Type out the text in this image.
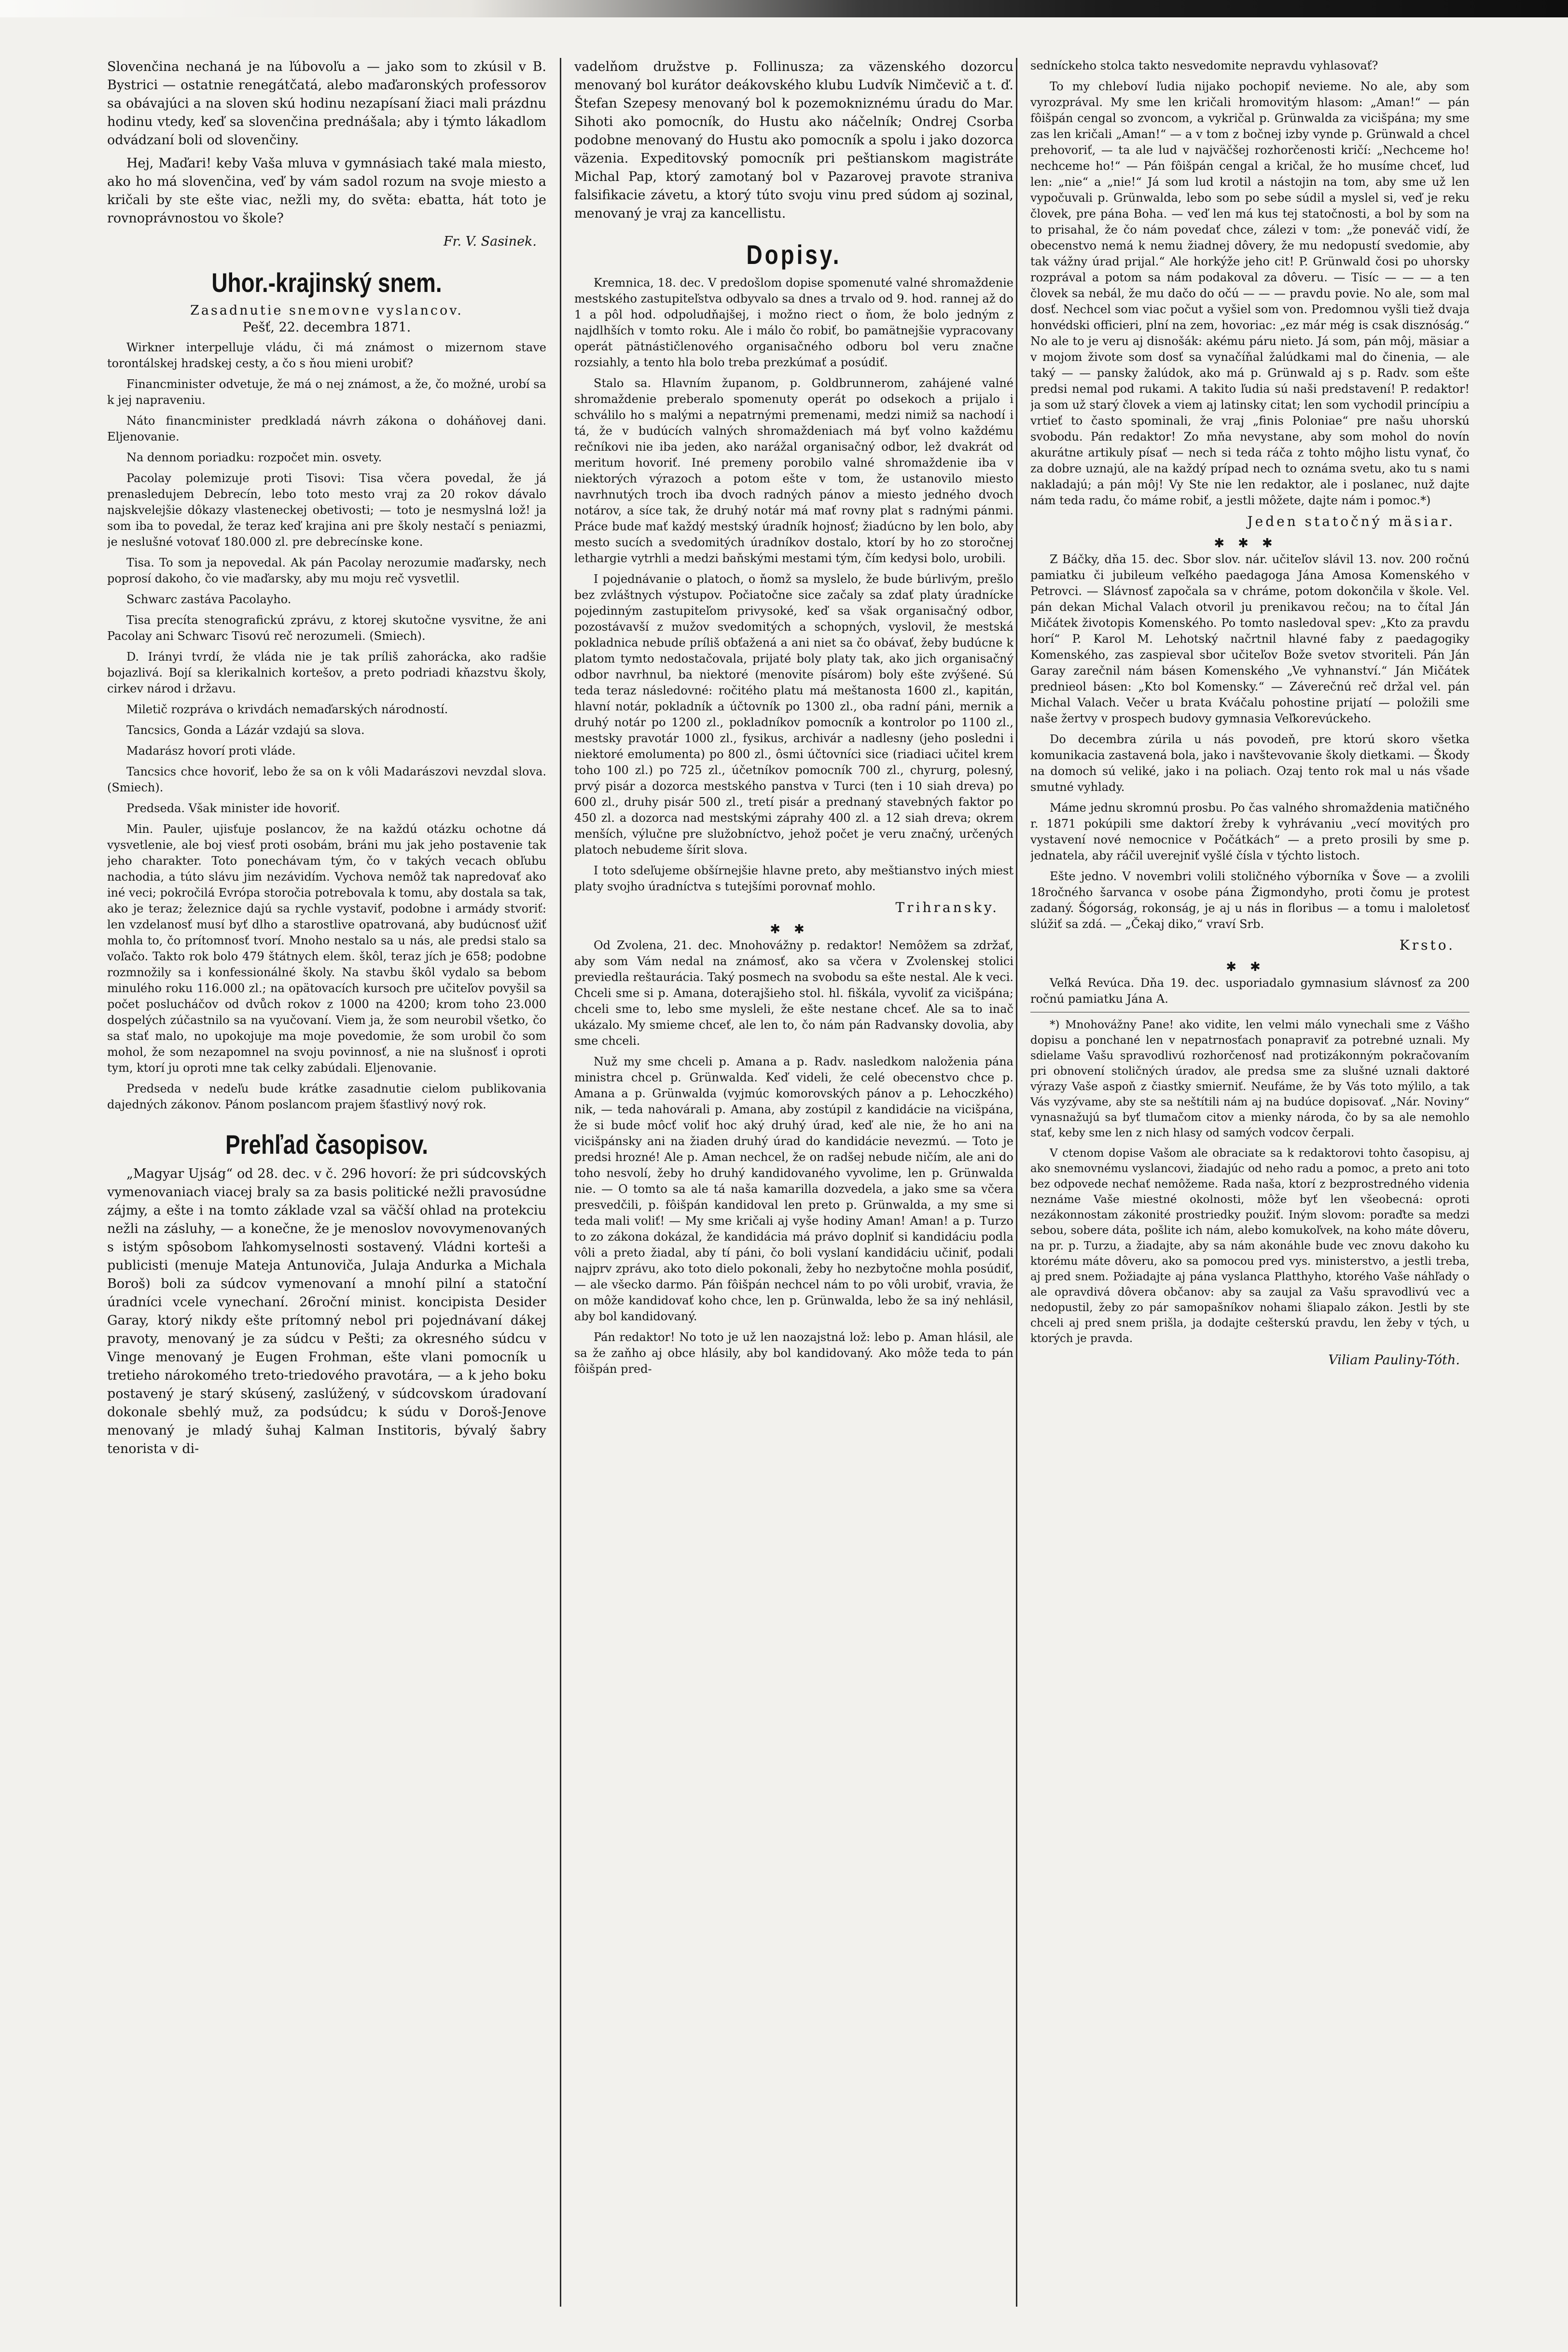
Slovenčina nechaná je na ľúbovoľu a — jako som to zkúsil v B. Bystrici — ostatnie renegátčatá, alebo maďaronských professorov sa obávajúci a na sloven skú hodinu nezapísaní žiaci mali prázdnu hodinu vtedy, keď sa slovenčina prednášala; aby i týmto lákadlom odvádzaní boli od slovenčiny.

Hej, Maďari! keby Vaša mluva v gymnásiach také mala miesto, ako ho má slovenčina, veď by vám sadol rozum na svoje miesto a kričali by ste ešte viac, nežli my, do světa: ebatta, hát toto je rovnoprávnostou vo škole?

Fr. V. Sasinek.
Uhor.-krajinský snem.
Zasadnutie snemovne vyslancov.
Pešť, 22. decembra 1871.

Wirkner interpelluje vládu, či má známost o mizernom stave torontálskej hradskej cesty, a čo s ňou mieni urobiť?

Financminister odvetuje, že má o nej známost, a že, čo možné, urobí sa k jej napraveniu.

Náto financminister predkladá návrh zákona o doháňovej dani. Eljenovanie.

Na dennom poriadku: rozpočet min. osvety.

Pacolay polemizuje proti Tisovi: Tisa včera povedal, že já prenasledujem Debrecín, lebo toto mesto vraj za 20 rokov dávalo najskvelejšie dôkazy vlasteneckej obetivosti; — toto je nesmyslná lož! ja som iba to povedal, že teraz keď krajina ani pre školy nestačí s peniazmi, je neslušné votovať 180.000 zl. pre debrecínske kone.

Tisa. To som ja nepovedal. Ak pán Pacolay nerozumie maďarsky, nech poprosí dakoho, čo vie maďarsky, aby mu moju reč vysvetlil.

Schwarc zastáva Pacolayho.

Tisa precíta stenografickú zprávu, z ktorej skutočne vysvitne, že ani Pacolay ani Schwarc Tisovú reč nerozumeli. (Smiech).

D. Irányi tvrdí, že vláda nie je tak príliš zahorácka, ako radšie bojazlivá. Bojí sa klerikalnich kortešov, a preto podriadi kňazstvu školy, cirkev národ i državu.

Miletič rozpráva o krivdách nemaďarských národností.

Tancsics, Gonda a Lázár vzdajú sa slova.

Madarász hovorí proti vláde.

Tancsics chce hovoriť, lebo že sa on k vôli Madarászovi nevzdal slova. (Smiech).

Predseda. Však minister ide hovoriť.

Min. Pauler, ujisťuje poslancov, že na každú otázku ochotne dá vysvetlenie, ale boj viesť proti osobám, bráni mu jak jeho postavenie tak jeho charakter. Toto ponechávam tým, čo v takých vecach obľubu nachodia, a túto slávu jim nezávidím. Vychova nemôž tak napredovať ako iné veci; pokročilá Evrópa storočia potrebovala k tomu, aby dostala sa tak, ako je teraz; železnice dajú sa rychle vystaviť, podobne i armády stvoriť: len vzdelanosť musí byť dlho a starostlive opatrovaná, aby budúcnosť užiť mohla to, čo prítomnosť tvorí. Mnoho nestalo sa u nás, ale predsi stalo sa voľačo. Takto rok bolo 479 štátnych elem. škôl, teraz jích je 658; podobne rozmnožily sa i konfessionálné školy. Na stavbu škôl vydalo sa bebom minulého roku 116.000 zl.; na opätovacích kursoch pre učiteľov povyšil sa počet poslucháčov od dvůch rokov z 1000 na 4200; krom toho 23.000 dospelých zúčastnilo sa na vyučovaní. Viem ja, že som neurobil všetko, čo sa stať malo, no upokojuje ma moje povedomie, že som urobil čo som mohol, že som nezapomnel na svoju povinnosť, a nie na slušnosť i oproti tym, ktorí ju oproti mne tak celky zabúdali. Eljenovanie.

Predseda v nedeľu bude krátke zasadnutie cielom publikovania dajedných zákonov. Pánom poslancom prajem šťastlivý nový rok.

Prehľad časopisov.

„Magyar Ujság“ od 28. dec. v č. 296 hovorí: že pri súdcovských vymenovaniach viacej braly sa za basis politické nežli pravosúdne zájmy, a ešte i na tomto základe vzal sa väčší ohlad na protekciu nežli na zásluhy, — a konečne, že je menoslov novovymenovaných s istým spôsobom ľahkomyselnosti sostavený. Vládni korteši a publicisti (menuje Mateja Antunoviča, Julaja Andurka a Michala Boroš) boli za súdcov vymenovaní a mnohí pilní a statoční úradníci vcele vynechaní. 26roční minist. koncipista Desider Garay, ktorý nikdy ešte prítomný nebol pri pojednávaní dákej pravoty, menovaný je za súdcu v Pešti; za okresného súdcu v Vinge menovaný je Eugen Frohman, ešte vlani pomocník u tretieho nárokomého treto-triedového pravotára, — a k jeho boku postavený je starý skúsený, zaslúžený, v súdcovskom úradovaní dokonale sbehlý muž, za podsúdcu; k súdu v Doroš-Jenove menovaný je mladý šuhaj Kalman Institoris, bývalý šabry tenorista v di-

vadelňom družstve p. Follinusza; za väzenského dozorcu menovaný bol kurátor deákovského klubu Ludvík Nimčevič a t. ď. Štefan Szepesy menovaný bol k pozemokniznému úradu do Mar. Sihoti ako pomocník, do Hustu ako náčelník; Ondrej Csorba podobne menovaný do Hustu ako pomocník a spolu i jako dozorca väzenia. Expeditovský pomocník pri peštianskom magistráte Michal Pap, ktorý zamotaný bol v Pazarovej pravote straniva falsifikacie závetu, a ktorý túto svoju vinu pred súdom aj sozinal, menovaný je vraj za kancellistu.

Dopisy.

Kremnica, 18. dec. V predošlom dopise spomenuté valné shromaždenie mestského zastupiteľstva odbyvalo sa dnes a trvalo od 9. hod. rannej až do 1 a pôl hod. odpoludňajšej, i možno riect o ňom, že bolo jedným z najdlhších v tomto roku. Ale i málo čo robiť, bo pamätnejšie vypracovany operát pätnástičlenového organisačného odboru bol veru značne rozsiahly, a tento hla bolo treba prezkúmať a posúdiť.

Stalo sa. Hlavním županom, p. Goldbrunnerom, zahájené valné shromaždenie preberalo spomenuty operát po odsekoch a prijalo i schválilo ho s malými a nepatrnými premenami, medzi nimiž sa nachodí i tá, že v budúcích valných shromaždeniach má byť volno každému rečníkovi nie iba jeden, ako narážal organisačný odbor, lež dvakrát od meritum hovoriť. Iné premeny porobilo valné shromaždenie iba v niektorých výrazoch a potom ešte v tom, že ustanovilo miesto navrhnutých troch iba dvoch radných pánov a miesto jedného dvoch notárov, a síce tak, že druhý notár má mať rovny plat s radnými pánmi. Práce bude mať každý mestský úradník hojnosť; žiadúcno by len bolo, aby mesto sucích a svedomitých úradníkov dostalo, ktorí by ho zo storočnej lethargie vytrhli a medzi baňskými mestami tým, čím kedysi bolo, urobili.

I pojednávanie o platoch, o ňomž sa myslelo, že bude búrlivým, prešlo bez zvláštnych výstupov. Počiatočne sice začaly sa zdať platy úradnícke pojedinným zastupiteľom privysoké, keď sa však organisačný odbor, pozostávavší z mužov svedomitých a schopných, vyslovil, že mestská pokladnica nebude príliš obťažená a ani niet sa čo obávať, žeby budúcne k platom tymto nedostačovala, prijaté boly platy tak, ako jich organisačný odbor navrhnul, ba niektoré (menovite písárom) boly ešte zvýšené. Sú teda teraz následovné: ročitého platu má meštanosta 1600 zl., kapitán, hlavní notár, pokladník a účtovník po 1300 zl., oba radní páni, mernik a druhý notár po 1200 zl., pokladníkov pomocník a kontrolor po 1100 zl., mestsky pravotár 1000 zl., fysikus, archivár a nadlesny (jeho posledni i niektoré emolumenta) po 800 zl., ôsmi účtovníci sice (riadiaci učitel krem toho 100 zl.) po 725 zl., účetníkov pomocník 700 zl., chyrurg, polesný, prvý pisár a dozorca mestského panstva v Turci (ten i 10 siah dreva) po 600 zl., druhy pisár 500 zl., tretí pisár a prednaný stavebných faktor po 450 zl. a dozorca nad mestskými záprahy 400 zl. a 12 siah dreva; okrem menších, výlučne pre služobníctvo, jehož počet je veru značný, určených platoch nebudeme šírit slova.

I toto sdeľujeme obšírnejšie hlavne preto, aby meštianstvo iných miest platy svojho úradníctva s tutejšími porovnať mohlo.

Trihransky.
✱✱

Od Zvolena, 21. dec. Mnohovážny p. redaktor! Nemôžem sa zdržať, aby som Vám nedal na známosť, ako sa včera v Zvolenskej stolici previedla reštaurácia. Taký posmech na svobodu sa ešte nestal. Ale k veci. Chceli sme si p. Amana, doterajšieho stol. hl. fiškála, vyvoliť za vicišpána; chceli sme to, lebo sme mysleli, že ešte nestane chceť. Ale sa to inač ukázalo. My smieme chceť, ale len to, čo nám pán Radvansky dovolia, aby sme chceli.

Nuž my sme chceli p. Amana a p. Radv. nasledkom naloženia pána ministra chcel p. Grünwalda. Keď videli, že celé obecenstvo chce p. Amana a p. Grünwalda (vyjmúc komorovských pánov a p. Lehoczkého) nik, — teda nahovárali p. Amana, aby zostúpil z kandidácie na vicišpána, že si bude môcť voliť hoc aký druhý úrad, keď ale nie, že ho ani na vicišpánsky ani na žiaden druhý úrad do kandidácie nevezmú. — Toto je predsi hrozné! Ale p. Aman nechcel, že on radšej nebude ničím, ale ani do toho nesvolí, žeby ho druhý kandidovaného vyvolime, len p. Grünwalda nie. — O tomto sa ale tá naša kamarilla dozvedela, a jako sme sa včera presvedčili, p. fôišpán kandidoval len preto p. Grünwalda, a my sme si teda mali voliť! — My sme kričali aj vyše hodiny Aman! Aman! a p. Turzo to zo zákona dokázal, že kandidácia má právo doplniť si kandidáciu podla vôli a preto žiadal, aby tí páni, čo boli vyslaní kandidáciu učiniť, podali najprv zprávu, ako toto dielo pokonali, žeby ho nezbytočne mohla posúdiť, — ale všecko darmo. Pán fôišpán nechcel nám to po vôli urobiť, vravia, že on môže kandidovať koho chce, len p. Grünwalda, lebo že sa iný nehlásil, aby bol kandidovaný.

Pán redaktor! No toto je už len naozajstná lož: lebo p. Aman hlásil, ale sa že zaňho aj obce hlásily, aby bol kandidovaný. Ako môže teda to pán fôišpán pred-

sedníckeho stolca takto nesvedomite nepravdu vyhlasovať?

To my chleboví ľudia nijako pochopiť nevieme. No ale, aby som vyrozprával. My sme len kričali hromovitým hlasom: „Aman!“ — pán fôišpán cengal so zvoncom, a vykričal p. Grünwalda za vicišpána; my sme zas len kričali „Aman!“ — a v tom z bočnej izby vynde p. Grünwald a chcel prehovoriť, — ta ale lud v najväčšej rozhorčenosti kričí: „Nechceme ho! nechceme ho!“ — Pán fôišpán cengal a kričal, že ho musíme chceť, lud len: „nie“ a „nie!“ Já som lud krotil a nástojin na tom, aby sme už len vypočuvali p. Grünwalda, lebo som po sebe súdil a myslel si, veď je reku človek, pre pána Boha. — veď len má kus tej statočnosti, a bol by som na to prisahal, že čo nám povedať chce, zálezi v tom: „že poneváč vidí, že obecenstvo nemá k nemu žiadnej dôvery, že mu nedopustí svedomie, aby tak vážny úrad prijal.“ Ale horkýže jeho cit! P. Grünwald čosi po uhorsky rozprával a potom sa nám podakoval za dôveru. — Tisíc — — — a ten človek sa nebál, že mu dačo do očú — — — pravdu povie. No ale, som mal dosť. Nechcel som viac počut a vyšiel som von. Predomnou vyšli tiež dvaja honvédski officieri, plní na zem, hovoriac: „ez már még is csak disznóság.“ No ale to je veru aj disnošák: akému páru nieto. Já som, pán môj, mäsiar a v mojom živote som dosť sa vynačíňal žalúdkami mal do činenia, — ale taký — — pansky žalúdok, ako má p. Grünwald aj s p. Radv. som ešte predsi nemal pod rukami. A takito ľudia sú naši predstavení! P. redaktor! ja som už starý človek a viem aj latinsky citat; len som vychodil princípiu a vrtieť to často spominali, že vraj „finis Poloniae“ pre našu uhorskú svobodu. Pán redaktor! Zo mňa nevystane, aby som mohol do novín akurátne artikuly písať — nech si teda ráča z tohto môjho listu vynať, čo za dobre uznajú, ale na každý prípad nech to oznáma svetu, ako tu s nami nakladajú; a pán môj! Vy Ste nie len redaktor, ale i poslanec, nuž dajte nám teda radu, čo máme robiť, a jestli môžete, dajte nám i pomoc.*)

Jeden statočný mäsiar.
✱✱✱

Z Báčky, dňa 15. dec. Sbor slov. nár. učiteľov slávil 13. nov. 200 ročnú pamiatku či jubileum veľkého paedagoga Jána Amosa Komenského v Petrovci. — Slávnosť započala sa v chráme, potom dokončila v škole. Vel. pán dekan Michal Valach otvoril ju prenikavou rečou; na to čítal Ján Mičátek životopis Komenského. Po tomto nasledoval spev: „Kto za pravdu horí“ P. Karol M. Lehotský načrtnil hlavné faby z paedagogiky Komenského, zas zaspieval sbor učiteľov Bože svetov stvoriteli. Pán Ján Garay zarečnil nám básen Komenského „Ve vyhnanství.“ Ján Mičátek prednieol básen: „Kto bol Komensky.“ — Záverečnú reč držal vel. pán Michal Valach. Večer u brata Kváčalu pohostine prijatí — položili sme naše žertvy v prospech budovy gymnasia Veľkorevúckeho.

Do decembra zúrila u nás povodeň, pre ktorú skoro všetka komunikacia zastavená bola, jako i navštevovanie školy dietkami. — Škody na domoch sú veliké, jako i na poliach. Ozaj tento rok mal u nás všade smutné vyhlady.

Máme jednu skromnú prosbu. Po čas valného shromaždenia matičného r. 1871 pokúpili sme daktorí žreby k vyhrávaniu „vecí movitých pro vystavení nové nemocnice v Počátkách“ — a preto prosili by sme p. jednatela, aby ráčil uverejniť vyšlé čísla v týchto listoch.

Ešte jedno. V novembri volili stoličného výborníka v Šove — a zvolili 18ročného šarvanca v osobe pána Žigmondyho, proti čomu je protest zadaný. Šógorság, rokonság, je aj u nás in floribus — a tomu i maloletosť slúžiť sa zdá. — „Čekaj diko,“ vraví Srb.

Krsto.
✱✱

Veľká Revúca. Dňa 19. dec. usporiadalo gymnasium slávnosť za 200 ročnú pamiatku Jána A.

*) Mnohovážny Pane! ako vidite, len velmi málo vynechali sme z Vášho dopisu a ponchané len v nepatrnosťach ponapraviť za potrebné uznali. My sdielame Vašu spravodlivú rozhorčenosť nad protizákonným pokračovaním pri obnovení stoličných úradov, ale predsa sme za slušné uznali daktoré výrazy Vaše aspoň z čiastky smierniť. Neufáme, že by Vás toto mýlilo, a tak Vás vyzývame, aby ste sa neštítili nám aj na budúce dopisovať. „Nár. Noviny“ vynasnažujú sa byť tlumačom citov a mienky národa, čo by sa ale nemohlo stať, keby sme len z nich hlasy od samých vodcov čerpali.

V ctenom dopise Vašom ale obraciate sa k redaktorovi tohto časopisu, aj ako snemovnému vyslancovi, žiadajúc od neho radu a pomoc, a preto ani toto bez odpovede nechať nemôžeme. Rada naša, ktorí z bezprostredného videnia neznáme Vaše miestné okolnosti, môže byť len všeobecná: oproti nezákonnostam zákonité prostriedky použiť. Iným slovom: poraďte sa medzi sebou, sobere dáta, pošlite ich nám, alebo komukoľvek, na koho máte dôveru, na pr. p. Turzu, a žiadajte, aby sa nám akonáhle bude vec znovu dakoho ku ktorému máte dôveru, ako sa pomocou pred vys. ministerstvo, a jestli treba, aj pred snem. Požiadajte aj pána vyslanca Platthyho, ktorého Vaše náhľady o ale opravdivá dôvera občanov: aby sa zaujal za Vašu spravodlivú vec a nedopustil, žeby zo pár samopašníkov nohami šliapalo zákon. Jestli by ste chceli aj pred snem prišla, ja dodajte cešterskú pravdu, len žeby v tých, u ktorých je pravda.

Viliam Pauliny-Tóth.
